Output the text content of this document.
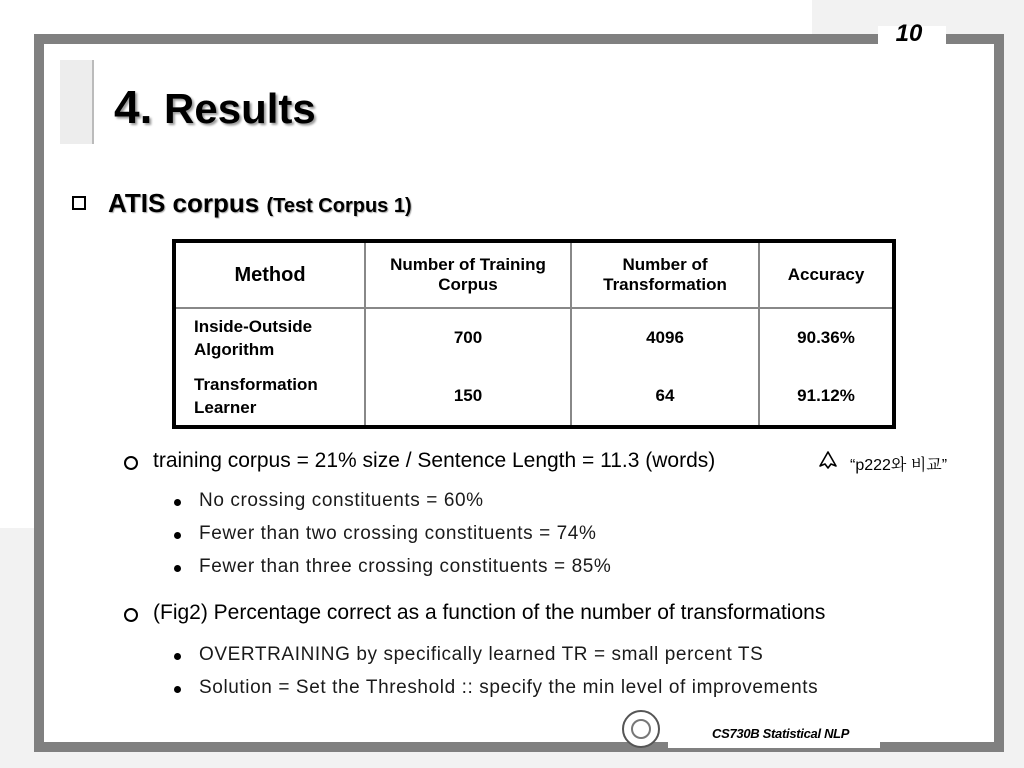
10
4. Results
ATIS corpus (Test Corpus 1)
Method	Number of Training Corpus	Number of Transformation	Accuracy
Inside-Outside Algorithm	700	4096	90.36%
Transformation Learner	150	64	91.12%
training corpus = 21% size / Sentence Length = 11.3 (words)	“p222와 비교”
No crossing constituents = 60%
Fewer than two crossing constituents = 74%
Fewer than three crossing constituents = 85%
(Fig2) Percentage correct as a function of the number of transformations
OVERTRAINING by specifically learned TR = small percent TS
Solution = Set the Threshold :: specify the min level of improvements
CS730B Statistical NLP
